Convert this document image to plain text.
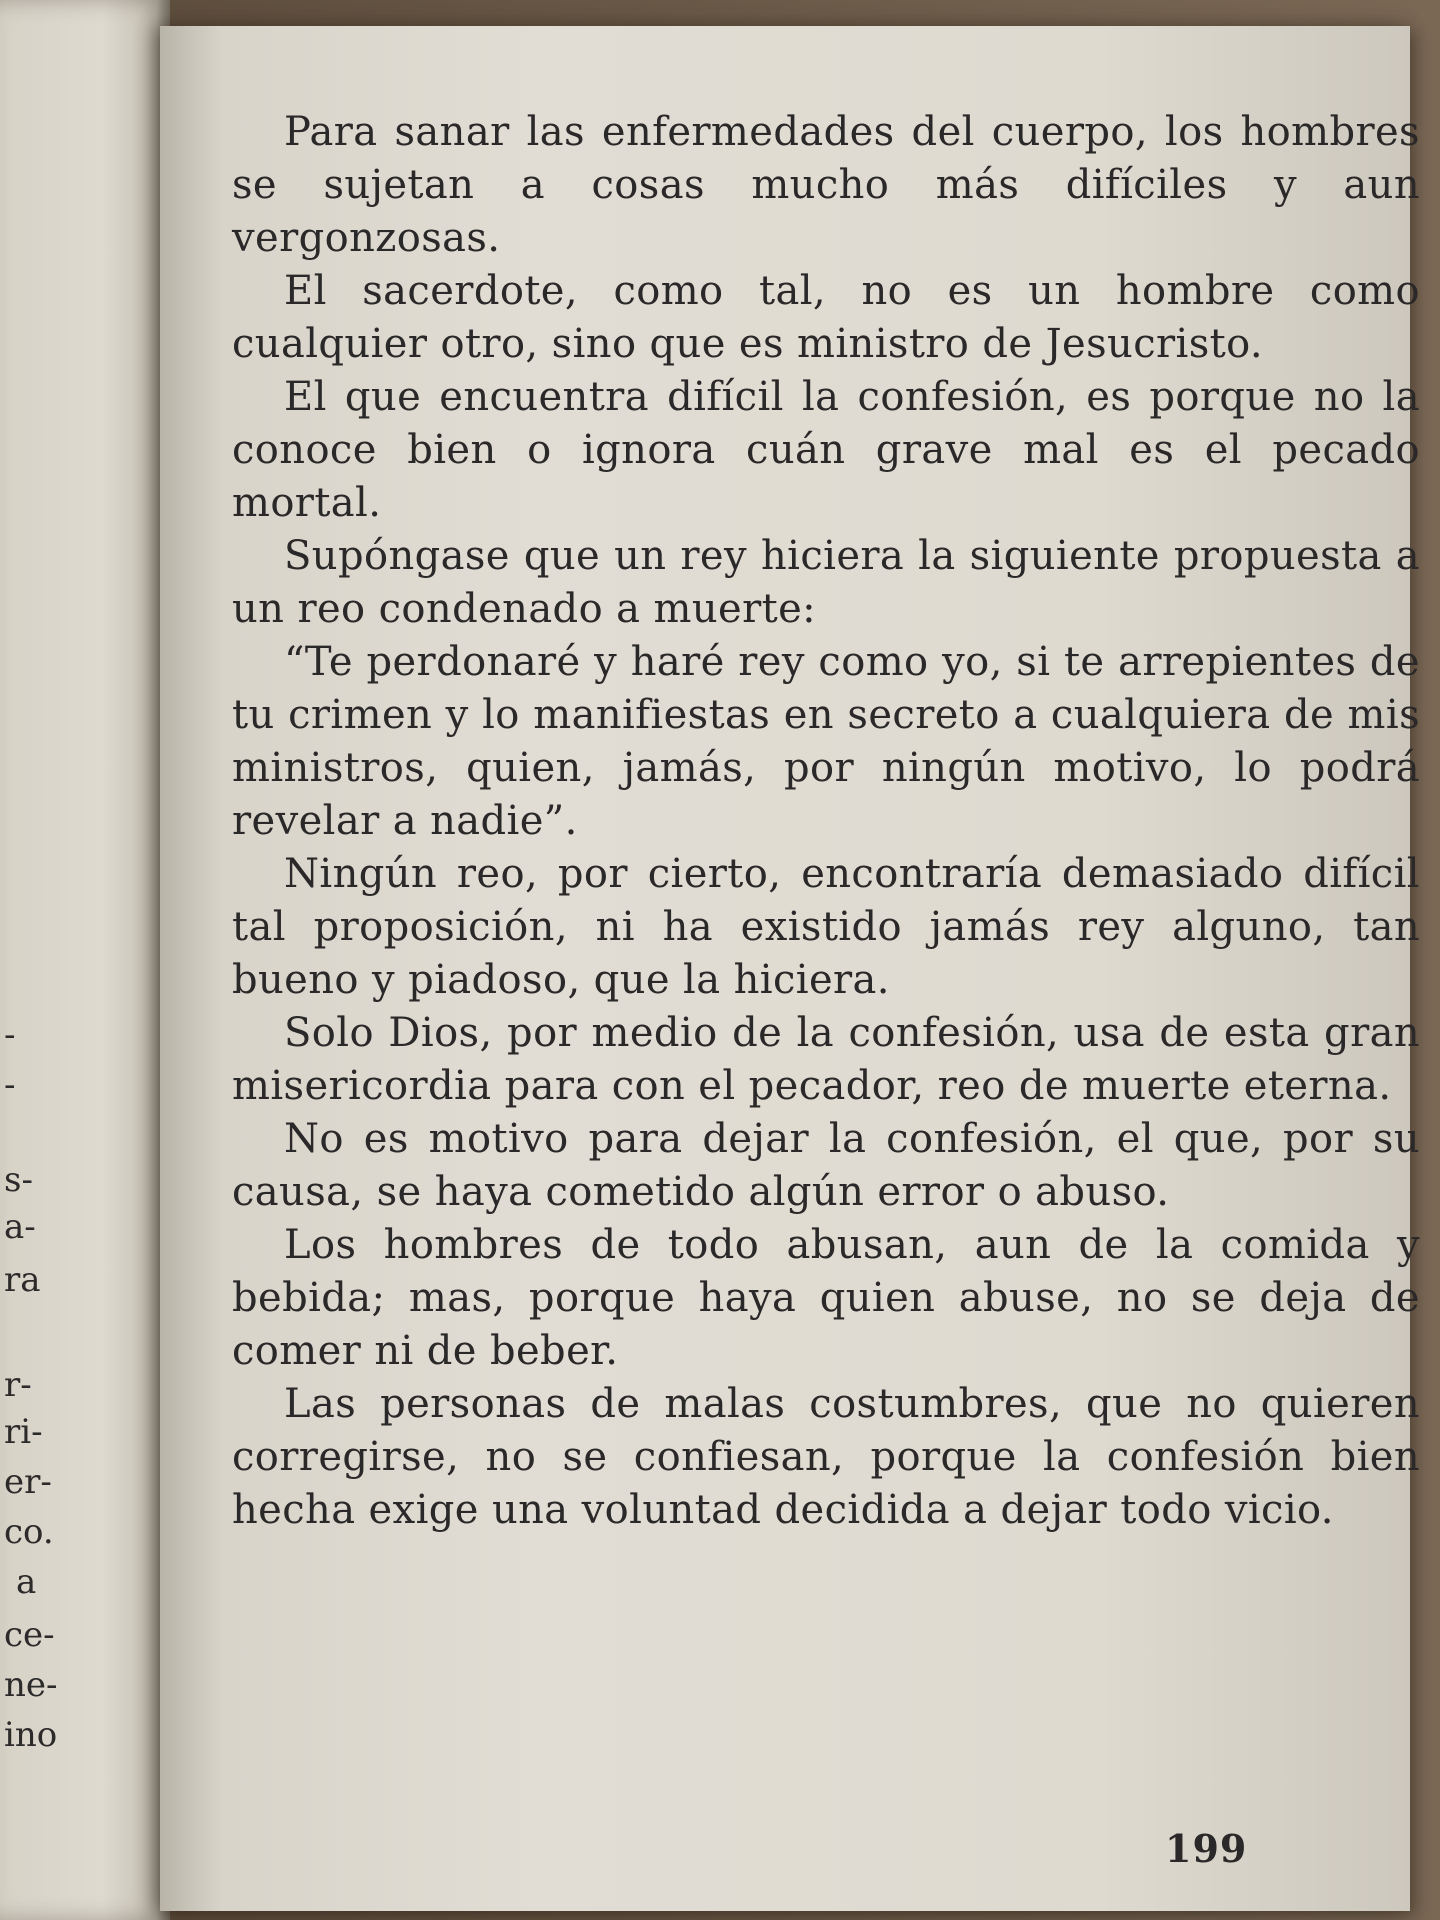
-
-
s-
a-
ra
r-
ri-
er-
co.
a
ce-
ne-
ino

Para sanar las enfermedades del cuerpo, los hombres se sujetan a cosas mucho más difíciles y aun vergonzosas.

El sacerdote, como tal, no es un hombre como cualquier otro, sino que es ministro de Jesucristo.

El que encuentra difícil la confesión, es porque no la conoce bien o ignora cuán grave mal es el pecado mortal.

Supóngase que un rey hiciera la siguiente propuesta a un reo condenado a muerte:

“Te perdonaré y haré rey como yo, si te arrepientes de tu crimen y lo manifiestas en secreto a cualquiera de mis ministros, quien, jamás, por ningún motivo, lo podrá revelar a nadie”.

Ningún reo, por cierto, encontraría demasiado difícil tal proposición, ni ha existido jamás rey alguno, tan bueno y piadoso, que la hiciera.

Solo Dios, por medio de la confesión, usa de esta gran misericordia para con el pecador, reo de muerte eterna.

No es motivo para dejar la confesión, el que, por su causa, se haya cometido algún error o abuso.

Los hombres de todo abusan, aun de la comida y bebida; mas, porque haya quien abuse, no se deja de comer ni de beber.

Las personas de malas costumbres, que no quieren corregirse, no se confiesan, porque la confesión bien hecha exige una voluntad decidida a dejar todo vicio.

199
